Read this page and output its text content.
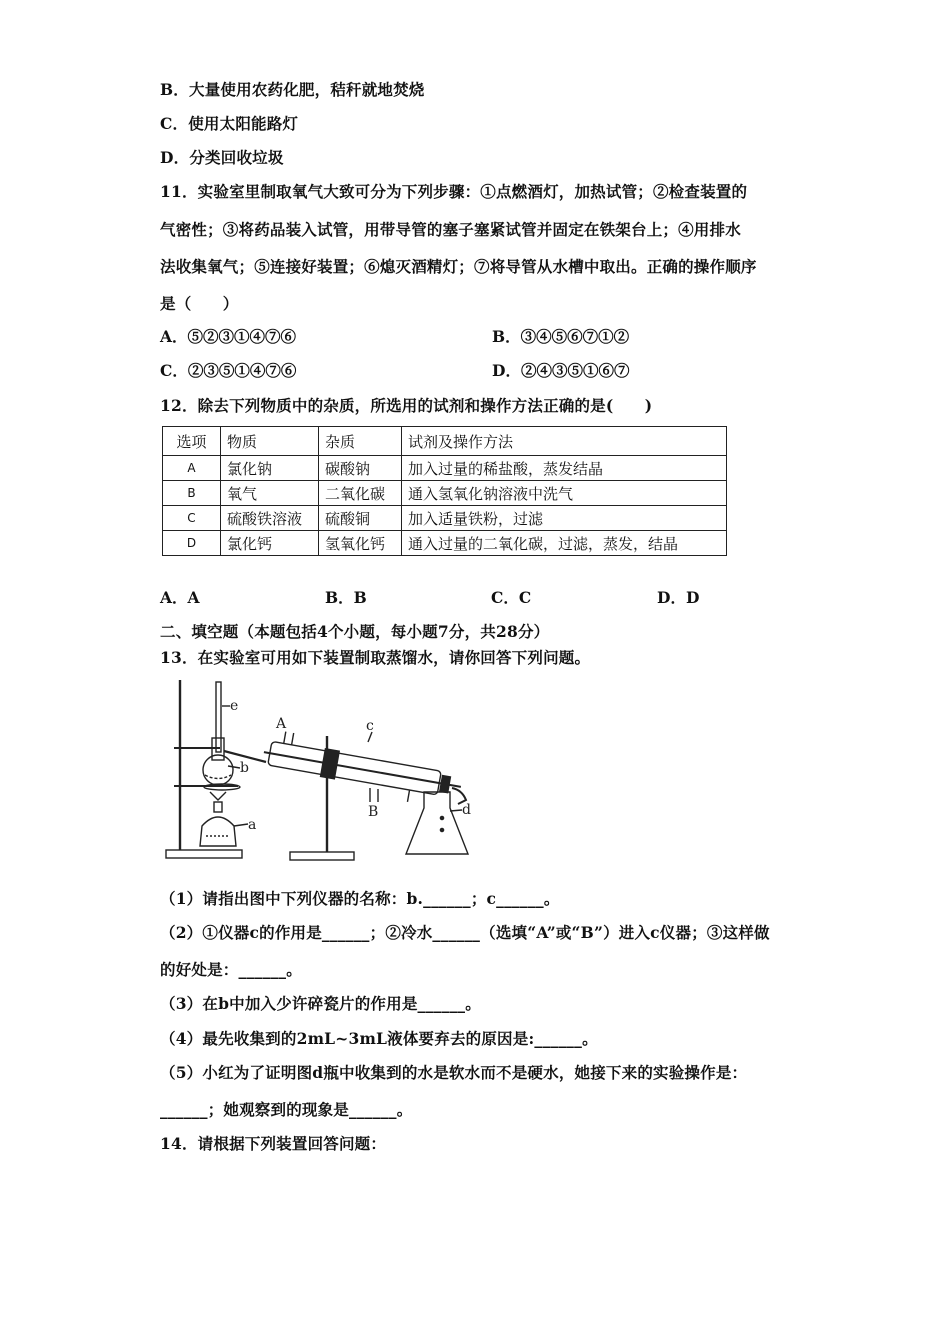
B．大量使用农药化肥，秸秆就地焚烧
C．使用太阳能路灯
D．分类回收垃圾
11．实验室里制取氧气大致可分为下列步骤：①点燃酒灯，加热试管；②检查装置的
气密性；③将药品装入试管，用带导管的塞子塞紧试管并固定在铁架台上；④用排水
法收集氧气；⑤连接好装置；⑥熄灭酒精灯；⑦将导管从水槽中取出。正确的操作顺序
是（　　）
A．⑤②③①④⑦⑥	B．③④⑤⑥⑦①②
C．②③⑤①④⑦⑥	D．②④③⑤①⑥⑦
12．除去下列物质中的杂质，所选用的试剂和操作方法正确的是(　　)
选项	物质	杂质	试剂及操作方法
A	氯化钠	碳酸钠	加入过量的稀盐酸，蒸发结晶
B	氧气	二氧化碳	通入氢氧化钠溶液中洗气
C	硫酸铁溶液	硫酸铜	加入适量铁粉，过滤
D	氯化钙	氢氧化钙	通入过量的二氧化碳，过滤，蒸发，结晶
A．A	B．B	C．C	D．D
二、填空题（本题包括4个小题，每小题7分，共28分）
13．在实验室可用如下装置制取蒸馏水，请你回答下列问题。
e
A	c
b
a
B	d
（1）请指出图中下列仪器的名称：b.______；c______。
（2）①仪器c的作用是______；②冷水______（选填“A”或“B”）进入c仪器；③这样做
的好处是：______。
（3）在b中加入少许碎瓷片的作用是______。
（4）最先收集到的2mL~3mL液体要弃去的原因是:______。
（5）小红为了证明图d瓶中收集到的水是软水而不是硬水，她接下来的实验操作是：
______；她观察到的现象是______。
14．请根据下列装置回答问题：
